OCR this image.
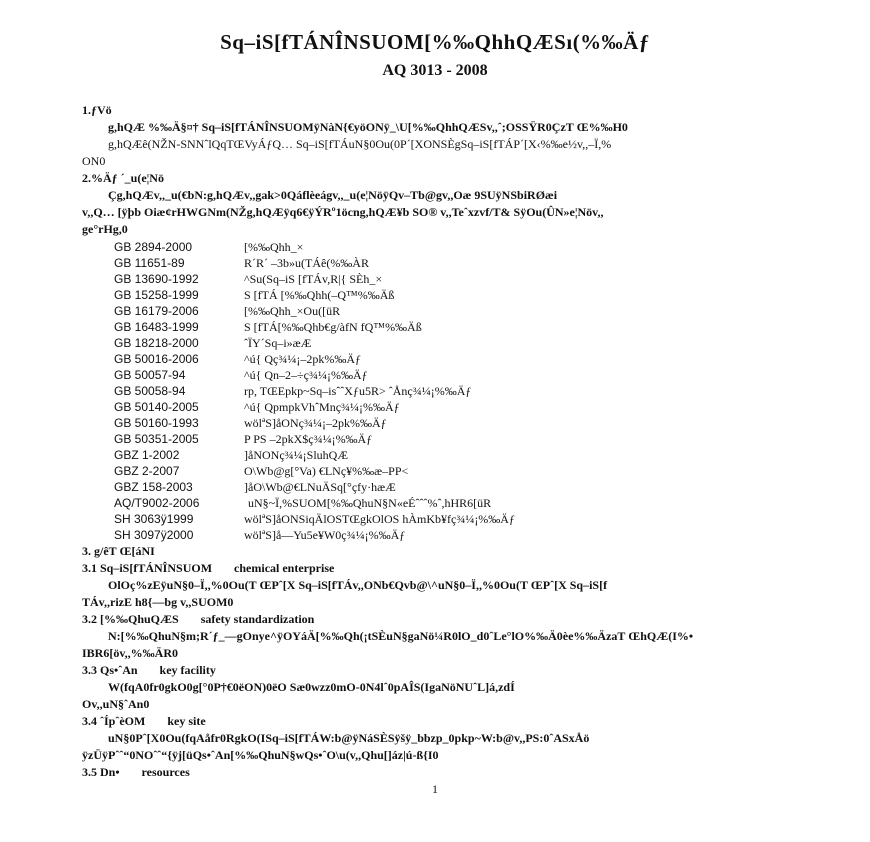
Sq–iS[fTÁNÎNSUOM[%‰QhhQÆSı(%‰Äƒ
AQ 3013 - 2008
1.ƒVö
g,hQÆ %‰Ä§¤† Sq–iS[fTÁNÎNSUOMÿNàN{€yöONÿ_\U[%‰QhhQÆSv,,ˆ;OSSŸR0ÇzT Œ%‰H0
g,hQÆê(NŽN-SNNˆlQqTŒVyÁƒQ… Sq–iS[fTÁuN§0Ou(0P´[XONSÈgSq–iS[fTÁP´[X‹%‰e½v,,–Ï,%
ON0
2.%Äƒ ´_u(e¦Nö
Çg,hQÆv,,_u(€bN:g,hQÆv,,gak>0Qáflèeágv,,_u(e¦NöÿQv–Tb@gv,,Oæ 9SUÿNSbiRØæi
v,,Q… [ÿþb Oiæ¢rHWGNm(NŽg,hQÆÿq6€ÿÝRº1öcng,hQÆ¥b SO® v,,Teˆxzvf/T& SÿOu(ÛN»e¦Növ,,
ge°rHg,0
GB 2894-2000	[%‰Qhh_×
GB 11651-89	R´R´ –3b»u(TÁê(%‰ÀR
GB 13690-1992	^Su(Sq–iS [fTÁv,R|{ SÈh_×
GB 15258-1999	S [fTÁ [%‰Qhh(–Q™%‰Äß
GB 16179-2006	[%‰Qhh_×Ou([üR
GB 16483-1999	S [fTÁ[%‰Qhb€g/àfN fQ™%‰Äß
GB 18218-2000	ˆÏY´Sq–i»æÆ
GB 50016-2006	^ú{ Qç¾¼¡–2pk%‰Äƒ
GB 50057-94	^ú{ Qn–2–÷ç¾¼¡%‰Äƒ
GB 50058-94	rp, TŒEpkp~Sq–isˆˆXƒu5R> ˆÅnç¾¼¡%‰Äƒ
GB 50140-2005	^ú{ QpmpkVhˆMnç¾¼¡%‰Äƒ
GB 50160-1993	wölªS]åONç¾¼¡–2pk%‰Äƒ
GB 50351-2005	P PS –2pkX$ç¾¼¡%‰Äƒ
GBZ 1-2002	]åNONç¾¼¡SluhQÆ
GBZ 2-2007	O\Wb@g[°Va) €LNç¥%‰æ–PP<
GBZ 158-2003	]åO\Wb@€LNuÄSq[°çfy·hæÆ
AQ/T9002-2006	uN§~Ï,%SUOM[%‰QhuN§N«eÉˆˆˆ%ˆ,hHR6[üR
SH 3063ÿ1999	wölªS]åONSiqÄlOSTŒgkOlOS hÀmKb¥fç¾¼¡%‰Äƒ
SH 3097ÿ2000	wölªS]å—Yu5e¥W0ç¾¼¡%‰Äƒ
3. g/êT Œ[áNI
3.1 Sq–iS[fTÁNÎNSUOM chemical enterprise
OlOç%zEÿuN§0–Ï,,%0Ou(T ŒPˆ[X Sq–iS[fTÁv,,ONb€Qvb@\^uN§0–Ï,,%0Ou(T ŒPˆ[X Sq–iS[f
TÁv,,rizE h8{—bg v,,SUOM0
3.2 [%‰QhuQÆS safety standardization
N:[%‰QhuN§m;R´ƒ_—gOnye^ÿOYáÄ[%‰Qh(¡tSÈuN§gaNö¼R0lO_d0ˆLe°lO%‰Ä0èe%‰ÄzaT ŒhQÆ(I%•
IBR6[öv,,%‰ÄR0
3.3 Qs•ˆAn key facility
W(fqA0fr0gkO0g[°0P†€0ëON)0ëO Sæ0wzz0mO-0N4lˆ0pAÎS(IgaNöNUˆL]á,zdÍ
Ov,,uN§ˆAn0
3.4 ˆÍpˆèOM key site
uN§0Pˆ[X0Ou(fqAåfr0RgkO(ISq–iS[fTÁW:b@ÿNáSÈSÿšÿ_bbzp_0pkp~W:b@v,,PS:0ˆASxÅö
ÿzÜÿPˆˆ“0NOˆˆ“{ÿj[üQs•ˆAn[%‰QhuN§wQs•ˆO\u(v,,Qhu[]áz|ú-ß{I0
3.5 Dn• resources
1
